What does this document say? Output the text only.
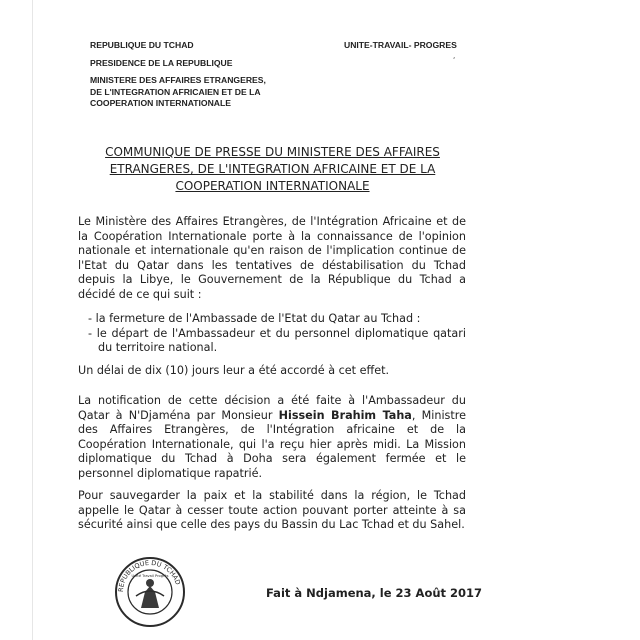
REPUBLIQUE DU TCHAD
PRESIDENCE DE LA REPUBLIQUE
MINISTERE DES AFFAIRES ETRANGERES,
DE L'INTEGRATION AFRICAIEN ET DE LA
COOPERATION INTERNATIONALE
UNITE-TRAVAIL- PROGRES
‘
COMMUNIQUE DE PRESSE DU MINISTERE DES AFFAIRES ETRANGERES, DE L'INTEGRATION AFRICAINE ET DE LA COOPERATION INTERNATIONALE

Le Ministère des Affaires Etrangères, de l'Intégration Africaine et de la Coopération Internationale porte à la connaissance de l'opinion nationale et internationale qu'en raison de l'implication continue de l'Etat du Qatar dans les tentatives de déstabilisation du Tchad depuis la Libye, le Gouvernement de la République du Tchad a décidé de ce qui suit :

- la fermeture de l'Ambassade de l'Etat du Qatar au Tchad :
- le départ de l'Ambassadeur et du personnel diplomatique qatari du territoire national.

Un délai de dix (10) jours leur a été accordé à cet effet.

La notification de cette décision a été faite à l'Ambassadeur du Qatar à N'Djaména par Monsieur Hissein Brahim Taha, Ministre des Affaires Etrangères, de l'Intégration africaine et de la Coopération Internationale, qui l'a reçu hier après midi. La Mission diplomatique du Tchad à Doha sera également fermée et le personnel diplomatique rapatrié.

Pour sauvegarder la paix et la stabilité dans la région, le Tchad appelle le Qatar à cesser toute action pouvant porter atteinte à sa sécurité ainsi que celle des pays du Bassin du Lac Tchad et du Sahel.

REPUBLIQUE DU TCHAD
Unité Travail Progrès
Fait à Ndjamena, le 23 Août 2017
